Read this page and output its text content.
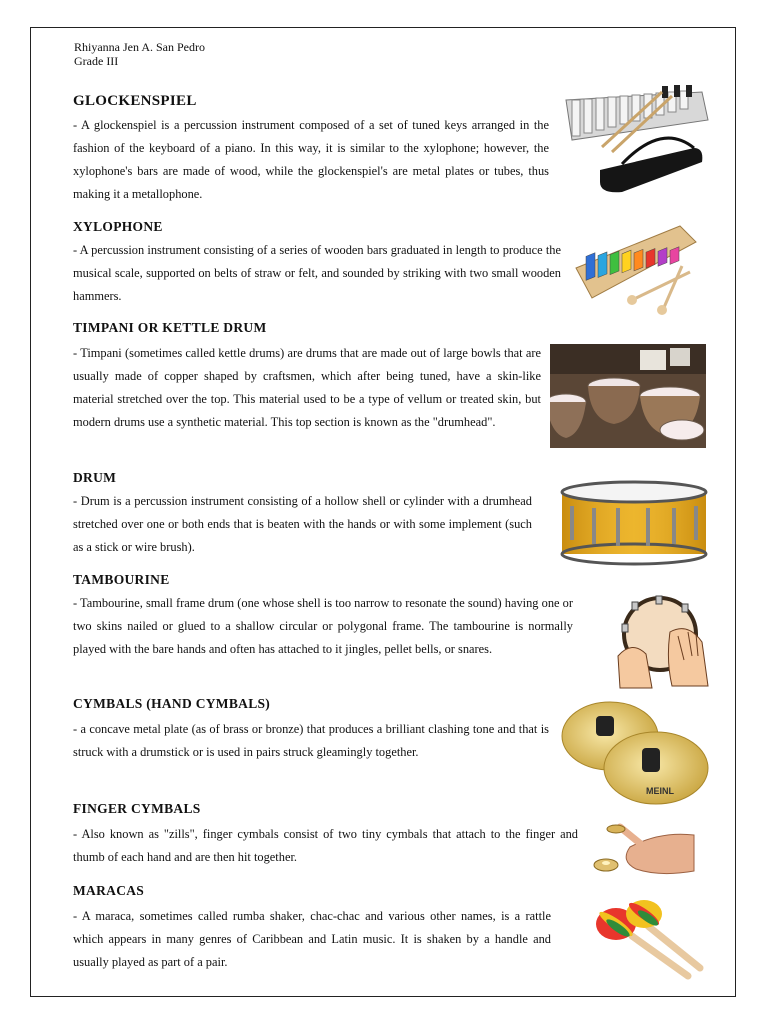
Rhiyanna Jen A. San Pedro
Grade III
GLOCKENSPIEL

- A glockenspiel is a percussion instrument composed of a set of tuned keys arranged in the fashion of the keyboard of a piano. In this way, it is similar to the xylophone; however, the xylophone's bars are made of wood, while the glockenspiel's are metal plates or tubes, thus making it a metallophone.

XYLOPHONE

- A percussion instrument consisting of a series of wooden bars graduated in length to produce the musical scale, supported on belts of straw or felt, and sounded by striking with two small wooden hammers.

TIMPANI OR KETTLE DRUM

- Timpani (sometimes called kettle drums) are drums that are made out of large bowls that are usually made of copper shaped by craftsmen, which after being tuned, have a skin-like material stretched over the top. This material used to be a type of vellum or treated skin, but modern drums use a synthetic material. This top section is known as the "drumhead".

DRUM

- Drum is a percussion instrument consisting of a hollow shell or cylinder with a drumhead stretched over one or both ends that is beaten with the hands or with some implement (such as a stick or wire brush).

TAMBOURINE

- Tambourine, small frame drum (one whose shell is too narrow to resonate the sound) having one or two skins nailed or glued to a shallow circular or polygonal frame. The tambourine is normally played with the bare hands and often has attached to it jingles, pellet bells, or snares.

CYMBALS (HAND CYMBALS)

- a concave metal plate (as of brass or bronze) that produces a brilliant clashing tone and that is struck with a drumstick or is used in pairs struck gleamingly together.

MEINL
FINGER CYMBALS

- Also known as "zills", finger cymbals consist of two tiny cymbals that attach to the finger and thumb of each hand and are then hit together.

MARACAS

- A maraca, sometimes called rumba shaker, chac-chac and various other names, is a rattle which appears in many genres of Caribbean and Latin music. It is shaken by a handle and usually played as part of a pair.
